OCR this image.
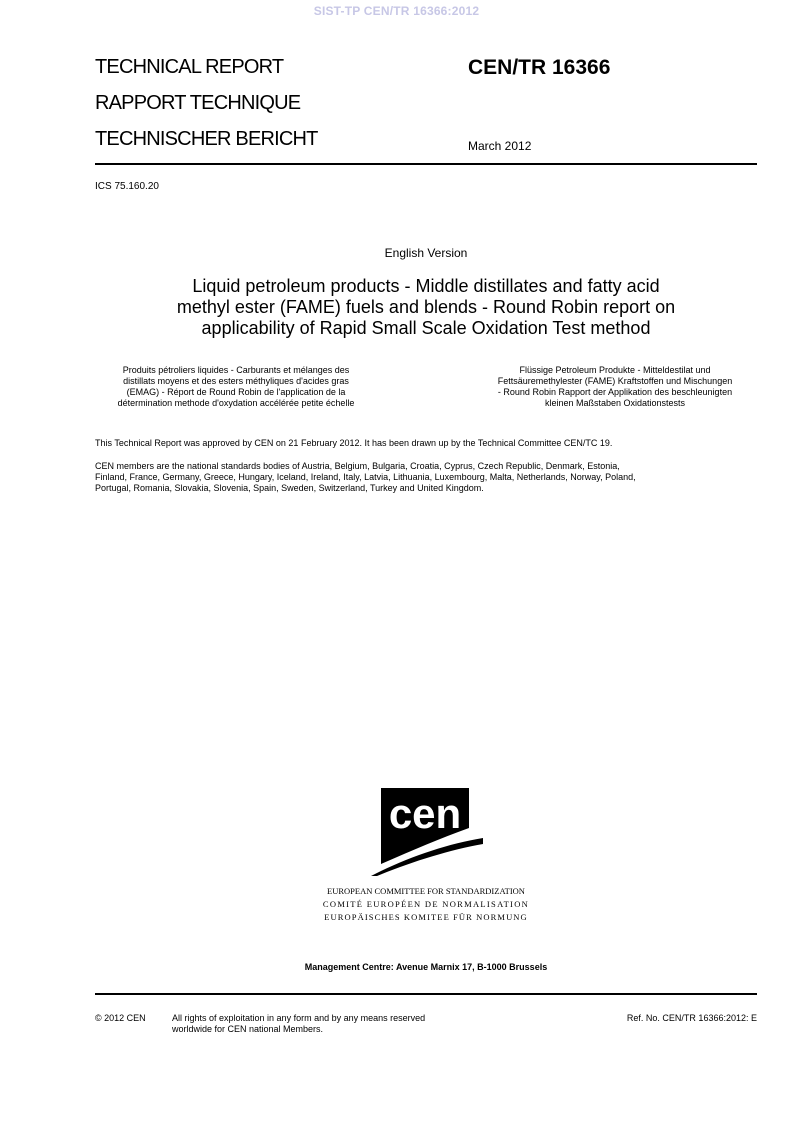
SIST-TP CEN/TR 16366:2012
TECHNICAL REPORT
RAPPORT TECHNIQUE
TECHNISCHER BERICHT
CEN/TR 16366
March 2012
ICS 75.160.20
English Version
Liquid petroleum products - Middle distillates and fatty acid
methyl ester (FAME) fuels and blends - Round Robin report on
applicability of Rapid Small Scale Oxidation Test method
Produits pétroliers liquides - Carburants et mélanges des
distillats moyens et des esters méthyliques d'acides gras
(EMAG) - Réport de Round Robin de l'application de la
détermination methode d'oxydation accélérée petite échelle
Flüssige Petroleum Produkte - Mitteldestilat und
Fettsäuremethylester (FAME) Kraftstoffen und Mischungen
- Round Robin Rapport der Applikation des beschleunigten
kleinen Maßstaben Oxidationstests
This Technical Report was approved by CEN on 21 February 2012. It has been drawn up by the Technical Committee CEN/TC 19.
CEN members are the national standards bodies of Austria, Belgium, Bulgaria, Croatia, Cyprus, Czech Republic, Denmark, Estonia,
Finland, France, Germany, Greece, Hungary, Iceland, Ireland, Italy, Latvia, Lithuania, Luxembourg, Malta, Netherlands, Norway, Poland,
Portugal, Romania, Slovakia, Slovenia, Spain, Sweden, Switzerland, Turkey and United Kingdom.
cen
EUROPEAN COMMITTEE FOR STANDARDIZATION
COMITÉ EUROPÉEN DE NORMALISATION
EUROPÄISCHES KOMITEE FÜR NORMUNG
Management Centre: Avenue Marnix 17, B-1000 Brussels
© 2012 CEN	All rights of exploitation in any form and by any means reserved
worldwide for CEN national Members.
Ref. No. CEN/TR 16366:2012: E
